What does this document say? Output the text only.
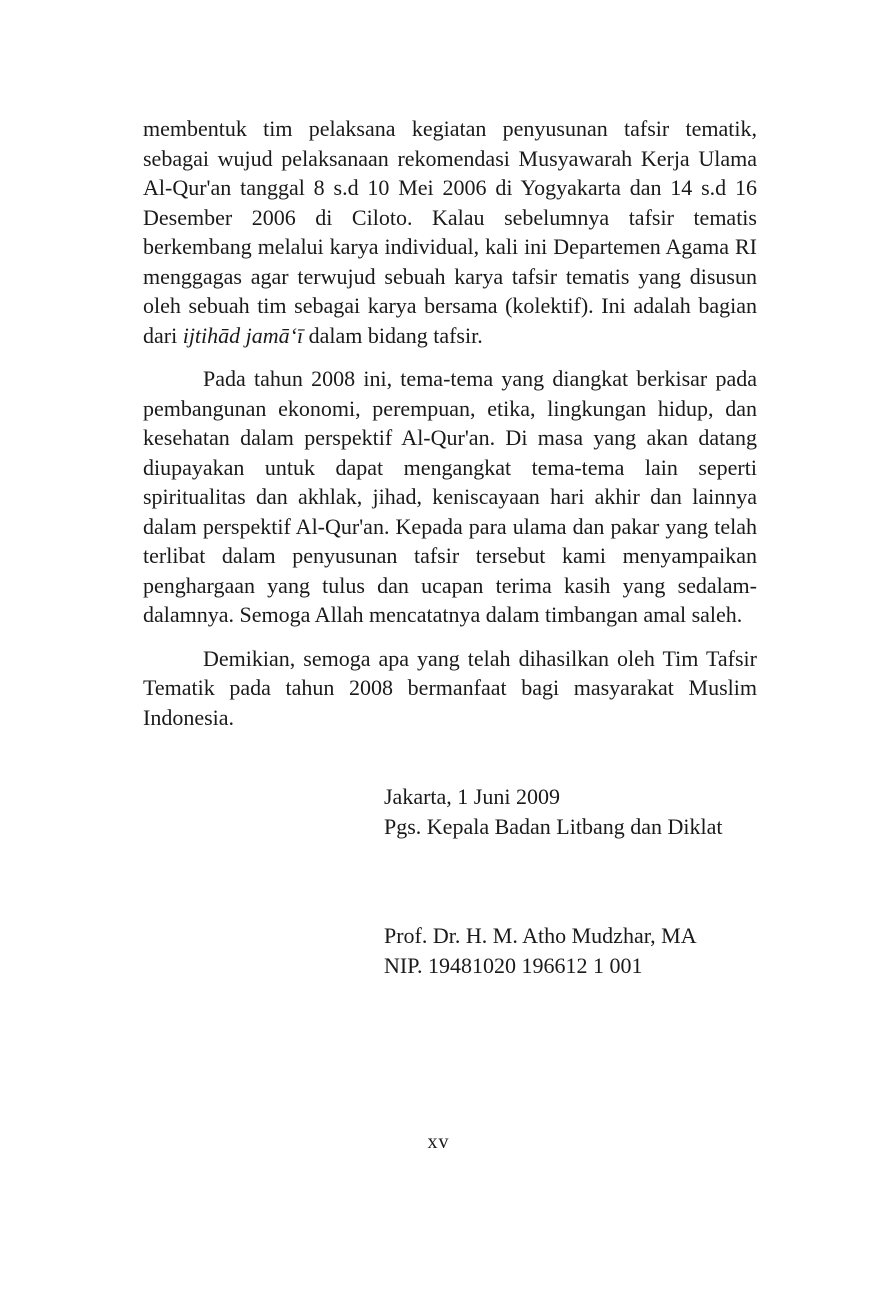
membentuk tim pelaksana kegiatan penyusunan tafsir tematik, sebagai wujud pelaksanaan rekomendasi Musyawarah Kerja Ulama Al-Qur'an tanggal 8 s.d 10 Mei 2006 di Yogyakarta dan 14 s.d 16 Desember 2006 di Ciloto. Kalau sebelumnya tafsir tematis berkembang melalui karya individual, kali ini Departemen Agama RI menggagas agar terwujud sebuah karya tafsir tematis yang disusun oleh sebuah tim sebagai karya bersama (kolektif). Ini adalah bagian dari ijtihād jamāʻī dalam bidang tafsir.

Pada tahun 2008 ini, tema-tema yang diangkat berkisar pada pembangunan ekonomi, perempuan, etika, lingkungan hidup, dan kesehatan dalam perspektif Al-Qur'an. Di masa yang akan datang diupayakan untuk dapat mengangkat tema-tema lain seperti spiritualitas dan akhlak, jihad, keniscayaan hari akhir dan lainnya dalam perspektif Al-Qur'an. Kepada para ulama dan pakar yang telah terlibat dalam penyusunan tafsir tersebut kami menyampaikan penghargaan yang tulus dan ucapan terima kasih yang sedalam-dalamnya. Semoga Allah mencatatnya dalam timbangan amal saleh.

Demikian, semoga apa yang telah dihasilkan oleh Tim Tafsir Tematik pada tahun 2008 bermanfaat bagi masyarakat Muslim Indonesia.

Jakarta, 1 Juni 2009
Pgs. Kepala Badan Litbang dan Diklat
Prof. Dr. H. M. Atho Mudzhar, MA
NIP. 19481020 196612 1 001
xv
